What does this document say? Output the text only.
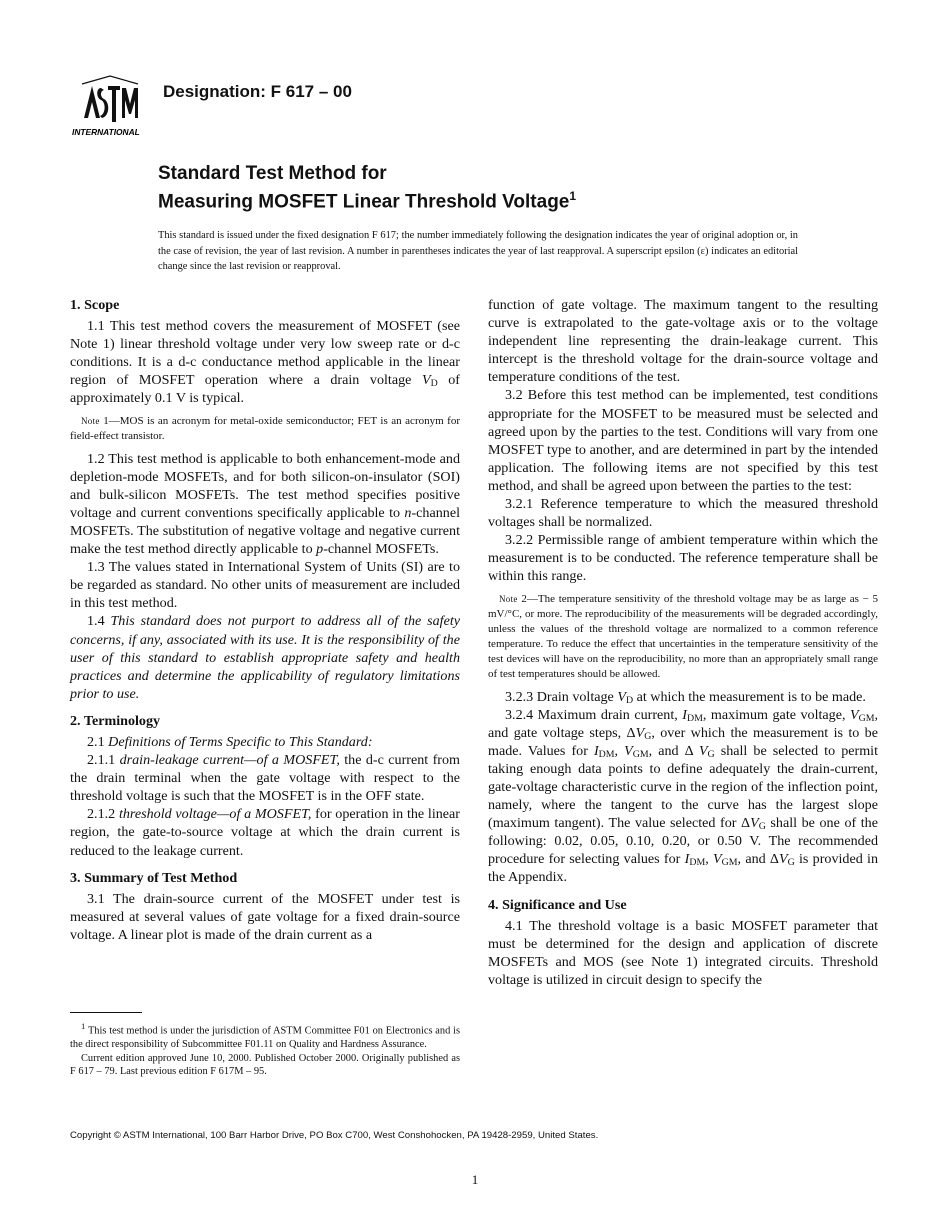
INTERNATIONAL
Designation: F 617 – 00
Standard Test Method for
Measuring MOSFET Linear Threshold Voltage$^1$
This standard is issued under the fixed designation F 617; the number immediately following the designation indicates the year of original adoption or, in the case of revision, the year of last revision. A number in parentheses indicates the year of last reapproval. A superscript epsilon (ε) indicates an editorial change since the last revision or reapproval.
1. Scope

1.1 This test method covers the measurement of MOSFET (see Note 1) linear threshold voltage under very low sweep rate or d-c conditions. It is a d-c conductance method applicable in the linear region of MOSFET operation where a drain voltage $V_D$ of approximately 0.1 V is typical.

Note 1—MOS is an acronym for metal-oxide semiconductor; FET is an acronym for field-effect transistor.

1.2 This test method is applicable to both enhancement-mode and depletion-mode MOSFETs, and for both silicon-on-insulator (SOI) and bulk-silicon MOSFETs. The test method specifies positive voltage and current conventions specifically applicable to n-channel MOSFETs. The substitution of negative voltage and negative current make the test method directly applicable to p-channel MOSFETs.

1.3 The values stated in International System of Units (SI) are to be regarded as standard. No other units of measurement are included in this test method.

1.4 This standard does not purport to address all of the safety concerns, if any, associated with its use. It is the responsibility of the user of this standard to establish appropriate safety and health practices and determine the applicability of regulatory limitations prior to use.

2. Terminology

2.1 Definitions of Terms Specific to This Standard:

2.1.1 drain-leakage current—of a MOSFET, the d-c current from the drain terminal when the gate voltage with respect to the threshold voltage is such that the MOSFET is in the OFF state.

2.1.2 threshold voltage—of a MOSFET, for operation in the linear region, the gate-to-source voltage at which the drain current is reduced to the leakage current.

3. Summary of Test Method

3.1 The drain-source current of the MOSFET under test is measured at several values of gate voltage for a fixed drain-source voltage. A linear plot is made of the drain current as a

function of gate voltage. The maximum tangent to the resulting curve is extrapolated to the gate-voltage axis or to the voltage independent line representing the drain-leakage current. This intercept is the threshold voltage for the drain-source voltage and temperature conditions of the test.

3.2 Before this test method can be implemented, test conditions appropriate for the MOSFET to be measured must be selected and agreed upon by the parties to the test. Conditions will vary from one MOSFET type to another, and are determined in part by the intended application. The following items are not specified by this test method, and shall be agreed upon between the parties to the test:

3.2.1 Reference temperature to which the measured threshold voltages shall be normalized.

3.2.2 Permissible range of ambient temperature within which the measurement is to be conducted. The reference temperature shall be within this range.

Note 2—The temperature sensitivity of the threshold voltage may be as large as − 5 mV/°C, or more. The reproducibility of the measurements will be degraded accordingly, unless the values of the threshold voltage are normalized to a common reference temperature. To reduce the effect that uncertainties in the temperature sensitivity of the test devices will have on the reproducibility, no more than an appropriately small range of test temperatures should be allowed.

3.2.3 Drain voltage $V_D$ at which the measurement is to be made.

3.2.4 Maximum drain current, $I_{DM}$, maximum gate voltage, $V_{GM}$, and gate voltage steps, $\Delta V_G$, over which the measurement is to be made. Values for $I_{DM}$, $V_{GM}$, and Δ $V_G$ shall be selected to permit taking enough data points to define adequately the drain-current, gate-voltage characteristic curve in the region of the inflection point, namely, where the tangent to the curve has the largest slope (maximum tangent). The value selected for $\Delta V_G$ shall be one of the following: 0.02, 0.05, 0.10, 0.20, or 0.50 V. The recommended procedure for selecting values for $I_{DM}$, $V_{GM}$, and $\Delta V_G$ is provided in the Appendix.

4. Significance and Use

4.1 The threshold voltage is a basic MOSFET parameter that must be determined for the design and application of discrete MOSFETs and MOS (see Note 1) integrated circuits. Threshold voltage is utilized in circuit design to specify the

$^1$ This test method is under the jurisdiction of ASTM Committee F01 on Electronics and is the direct responsibility of Subcommittee F01.11 on Quality and Hardness Assurance.

Current edition approved June 10, 2000. Published October 2000. Originally published as F 617 – 79. Last previous edition F 617M – 95.

Copyright © ASTM International, 100 Barr Harbor Drive, PO Box C700, West Conshohocken, PA 19428-2959, United States.
1
